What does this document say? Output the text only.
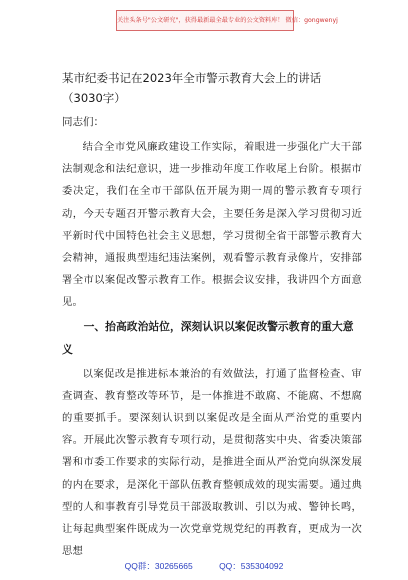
关注头条号"公文研究"，获得最新最全最专业的公文资料库！ 微信：gongwenyj
某市纪委书记在2023年全市警示教育大会上的讲话（3030字）
同志们：

结合全市党风廉政建设工作实际，着眼进一步强化广大干部法制观念和法纪意识，进一步推动年度工作收尾上台阶。根据市委决定，我们在全市干部队伍开展为期一周的警示教育专项行动，今天专题召开警示教育大会，主要任务是深入学习贯彻习近平新时代中国特色社会主义思想，学习贯彻全省干部警示教育大会精神，通报典型违纪违法案例，观看警示教育录像片，安排部署全市以案促改警示教育工作。根据会议安排，我讲四个方面意见。

一、抬高政治站位，深刻认识以案促改警示教育的重大意义

以案促改是推进标本兼治的有效做法，打通了监督检查、审查调查、教育整改等环节，是一体推进不敢腐、不能腐、不想腐的重要抓手。要深刻认识到以案促改是全面从严治党的重要内容。开展此次警示教育专项行动，是贯彻落实中央、省委决策部署和市委工作要求的实际行动，是推进全面从严治党向纵深发展的内在要求，是深化干部队伍教育整顿成效的现实需要。通过典型的人和事教育引导党员干部汲取教训、引以为戒、警钟长鸣，让每起典型案件既成为一次党章党规党纪的再教育，更成为一次思想

QQ群：30265665	QQ：535304092
